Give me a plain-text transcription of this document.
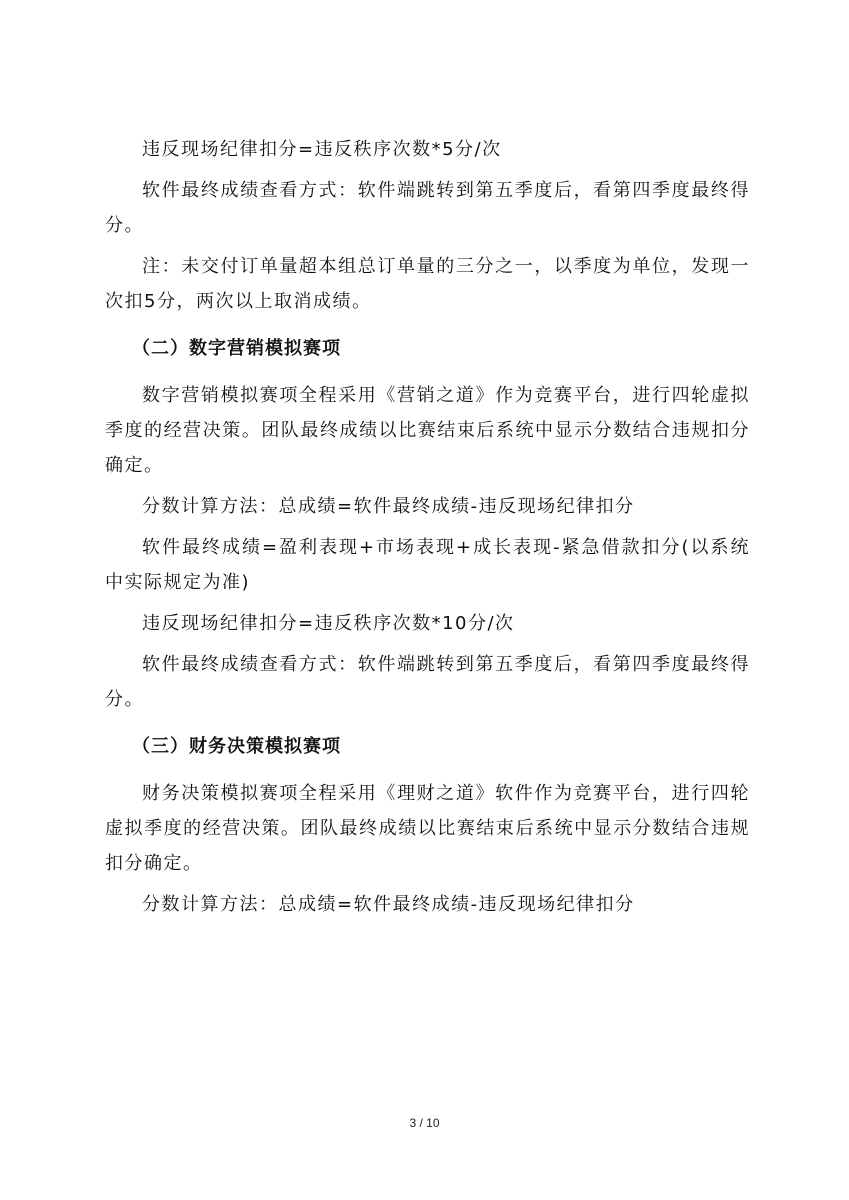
违反现场纪律扣分=违反秩序次数*5分/次

软件最终成绩查看方式：软件端跳转到第五季度后，看第四季度最终得分。

注：未交付订单量超本组总订单量的三分之一，以季度为单位，发现一次扣5分，两次以上取消成绩。

（二）数字营销模拟赛项

数字营销模拟赛项全程采用《营销之道》作为竞赛平台，进行四轮虚拟季度的经营决策。团队最终成绩以比赛结束后系统中显示分数结合违规扣分确定。

分数计算方法：总成绩=软件最终成绩-违反现场纪律扣分

软件最终成绩=盈利表现+市场表现+成长表现-紧急借款扣分(以系统中实际规定为准)

违反现场纪律扣分=违反秩序次数*10分/次

软件最终成绩查看方式：软件端跳转到第五季度后，看第四季度最终得分。

（三）财务决策模拟赛项

财务决策模拟赛项全程采用《理财之道》软件作为竞赛平台，进行四轮虚拟季度的经营决策。团队最终成绩以比赛结束后系统中显示分数结合违规扣分确定。

分数计算方法：总成绩=软件最终成绩-违反现场纪律扣分

3 / 10
